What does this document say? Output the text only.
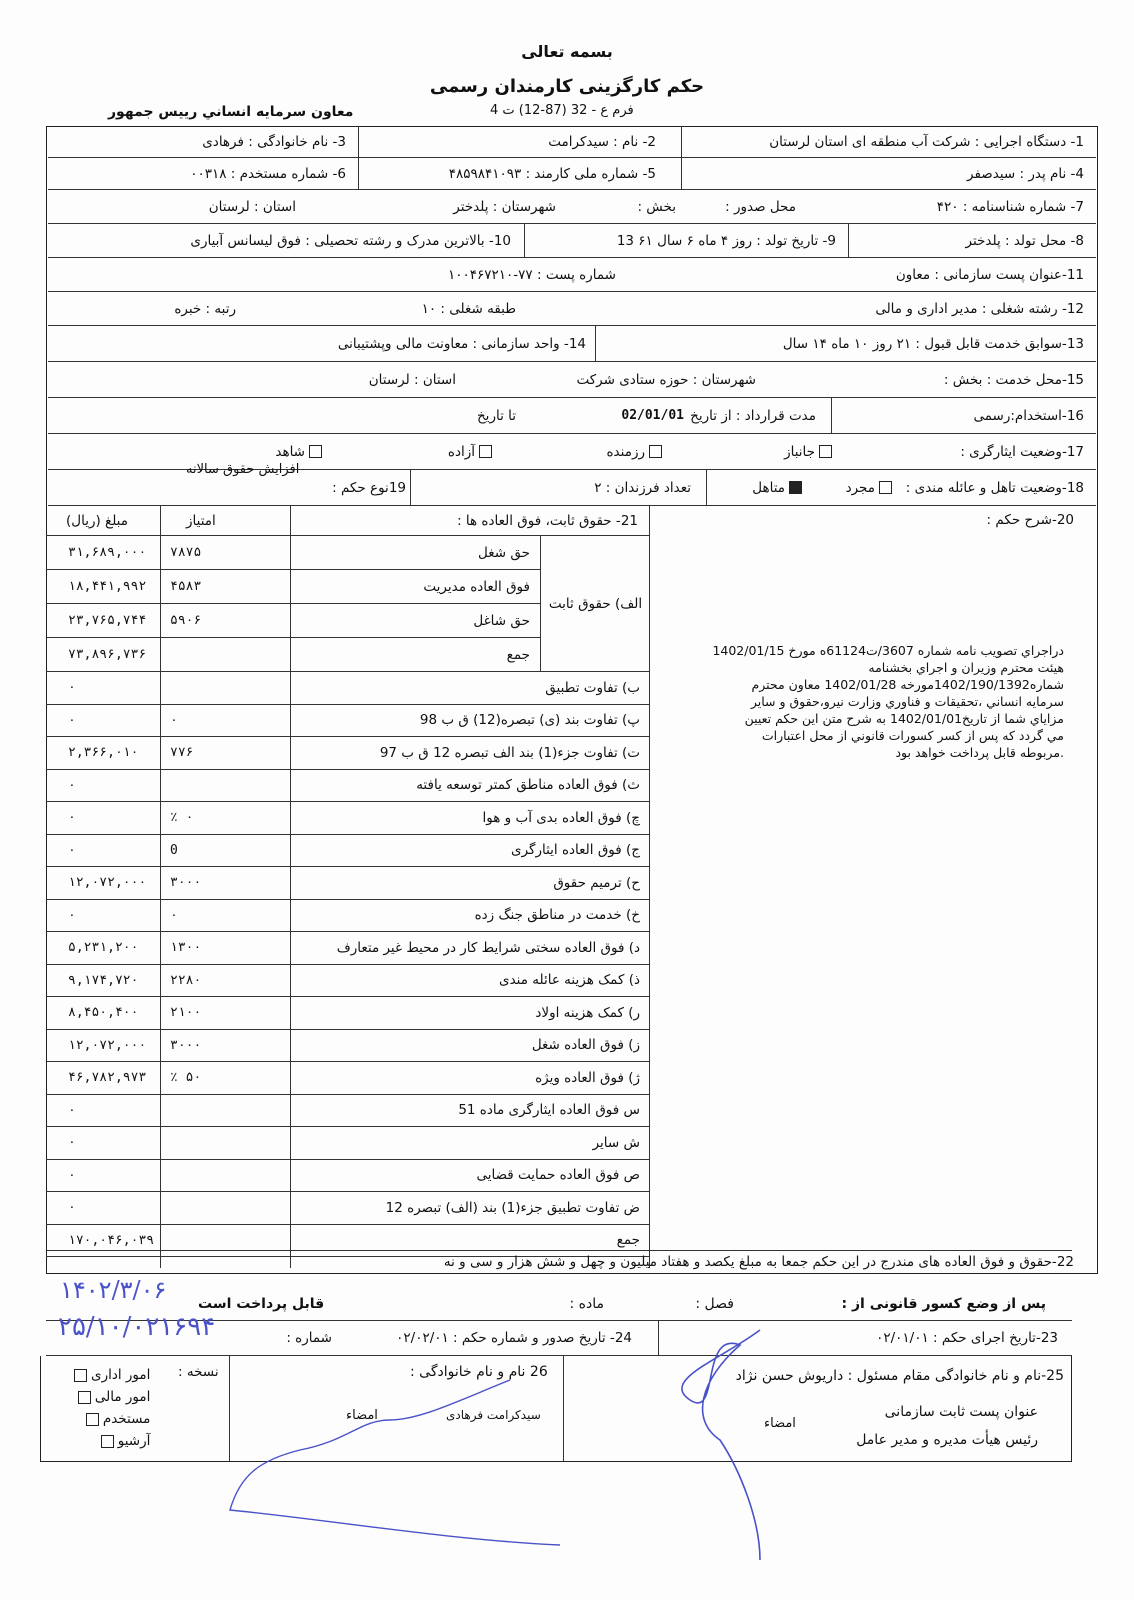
بسمه تعالی
حکم کارگزینی کارمندان رسمی
فرم ع - 32 (87-12) ت 4
معاون سرمايه انساني رييس جمهور
1- دستگاه اجرایی : شرکت آب منطقه ای استان لرستان
2- نام : سیدکرامت
3- نام خانوادگی : فرهادی
4- نام پدر : سیدصفر
5- شماره ملی کارمند : ۴۸۵۹۸۴۱۰۹۳
6- شماره مستخدم : ۰۰۳۱۸
7- شماره شناسنامه : ۴۲۰
محل صدور :
بخش :
شهرستان : پلدختر
استان : لرستان
8- محل تولد : پلدختر
9- تاریخ تولد : روز ۴ ماه ۶ سال ۶۱ 13
10- بالاترین مدرک و رشته تحصیلی : فوق لیسانس آبیاری
11-عنوان پست سازمانی : معاون
شماره پست : ۷۷-۱۰۰۴۶۷۲۱۰
12- رشته شغلی : مدیر اداری و مالی
طبقه شغلی : ۱۰
رتبه : خبره
13-سوابق خدمت قابل قبول : ۲۱ روز ۱۰ ماه ۱۴ سال
14- واحد سازمانی : معاونت مالی وپشتیبانی
15-محل خدمت : بخش :
شهرستان : حوزه ستادی شرکت
استان : لرستان
16-استخدام:رسمی
مدت قرارداد : از تاریخ
02/01/01
تا تاریخ
17-وضعیت ایثارگری :
جانباز
رزمنده
آزاده
شاهد
18-وضعیت تاهل و عائله مندی :
مجرد
متاهل
تعداد فرزندان : ۲
19نوع حکم :
افزایش حقوق سالانه
21- حقوق ثابت، فوق العاده ها :
امتیاز
مبلغ (ریال)
الف) حقوق ثابت
حق شغل
۷۸۷۵
۳۱,۶۸۹,۰۰۰
فوق العاده مدیریت
۴۵۸۳
۱۸,۴۴۱,۹۹۲
حق شاغل
۵۹۰۶
۲۳,۷۶۵,۷۴۴
جمع
۷۳,۸۹۶,۷۳۶
ب) تفاوت تطبیق
۰
پ) تفاوت بند (ی) تبصره(12) ق ب 98
۰
۰
ت) تفاوت جزء(1) بند الف تبصره 12 ق ب 97
۷۷۶
۲,۳۶۶,۰۱۰
ث) فوق العاده مناطق کمتر توسعه یافته
۰
چ) فوق العاده بدی آب و هوا
٪ ۰
۰
ج) فوق العاده ایثارگری
0
۰
ح) ترمیم حقوق
۳۰۰۰
۱۲,۰۷۲,۰۰۰
خ) خدمت در مناطق جنگ زده
۰
۰
د) فوق العاده سختی شرایط کار در محیط غیر متعارف
۱۳۰۰
۵,۲۳۱,۲۰۰
ذ) کمک هزینه عائله مندی
۲۲۸۰
۹,۱۷۴,۷۲۰
ر) کمک هزینه اولاد
۲۱۰۰
۸,۴۵۰,۴۰۰
ز) فوق العاده شغل
۳۰۰۰
۱۲,۰۷۲,۰۰۰
ژ) فوق العاده ویژه
٪ ۵۰
۴۶,۷۸۲,۹۷۳
س فوق العاده ایثارگری ماده 51
۰
ش سایر
۰
ص فوق العاده حمایت قضایی
۰
ض تفاوت تطبیق جزء(1) بند (الف) تبصره 12
۰
جمع
۱۷۰,۰۴۶,۰۳۹
20-شرح حکم :
دراجراي تصويب نامه شماره 3607/ت61124ه مورخ 1402/01/15
هيئت محترم وزيران و اجراي بخشنامه
شماره1402/190/1392مورخه 1402/01/28 معاون محترم
سرمايه انساني ،تحقيقات و فناوري وزارت نيرو،حقوق و ساير
مزاياي شما از تاريخ1402/01/01 به شرح متن اين حكم تعيين
مي گردد كه پس از كسر كسورات قانوني از محل اعتبارات
.مربوطه قابل پرداخت خواهد بود
22-حقوق و فوق العاده های مندرج در این حکم جمعا به مبلغ یکصد و هفتاد میلیون و چهل و شش هزار و سی و نه
پس از وضع کسور قانونی از :
فصل :
ماده :
قابل پرداخت است
۱۴۰۲/۳/۰۶
23-تاریخ اجرای حکم : ۰۲/۰۱/۰۱
24- تاریخ صدور و شماره حکم : ۰۲/۰۲/۰۱
شماره :
۲۵/۱۰/۰۲۱۶۹۴
25-نام و نام خانوادگی مقام مسئول : داریوش حسن نژاد
عنوان پست ثابت سازمانی
رئیس هیأت مدیره و مدیر عامل
امضاء
26 نام و نام خانوادگی :
سیدکرامت فرهادی
امضاء
نسخه :
امور اداری
امور مالی
مستخدم
آرشیو
